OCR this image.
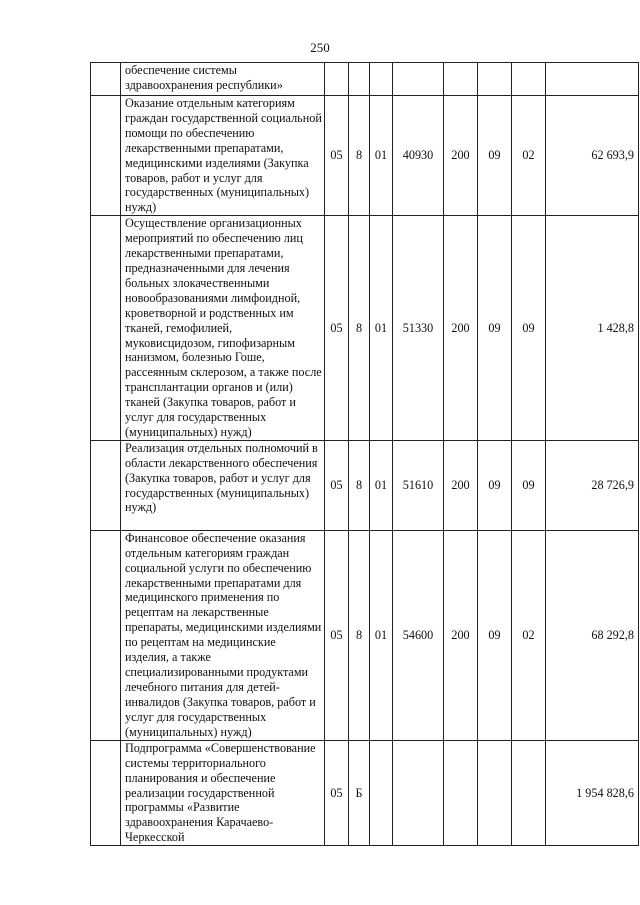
250

	обеспечение системы здравоохранения республики»								

	Оказание отдельным категориям граждан государственной социальной помощи по обеспечению лекарственными препаратами, медицинскими изделиями (Закупка товаров, работ и услуг для государственных (муниципальных) нужд)	05	8	01	40930	200	09	02	62 693,9

	Осуществление организационных мероприятий по обеспечению лиц лекарственными препаратами, предназначенными для лечения больных злокачественными новообразованиями лимфоидной, кроветворной и родственных им тканей, гемофилией, муковисцидозом, гипофизарным нанизмом, болезнью Гоше, рассеянным склерозом, а также после трансплантации органов и (или) тканей (Закупка товаров, работ и услуг для государственных (муниципальных) нужд)	05	8	01	51330	200	09	09	1 428,8

	Реализация отдельных полномочий в области лекарственного обеспечения (Закупка товаров, работ и услуг для государственных (муниципальных) нужд)	05	8	01	51610	200	09	09	28 726,9

	Финансовое обеспечение оказания отдельным категориям граждан социальной услуги по обеспечению лекарственными препаратами для медицинского применения по рецептам на лекарственные препараты, медицинскими изделиями по рецептам на медицинские изделия, а также специализированными продуктами лечебного питания для детей-инвалидов (Закупка товаров, работ и услуг для государственных (муниципальных) нужд)	05	8	01	54600	200	09	02	68 292,8

	Подпрограмма «Совершенствование системы территориального планирования и обеспечение реализации государственной программы «Развитие здравоохранения Карачаево-Черкесской	05	Б						1 954 828,6
